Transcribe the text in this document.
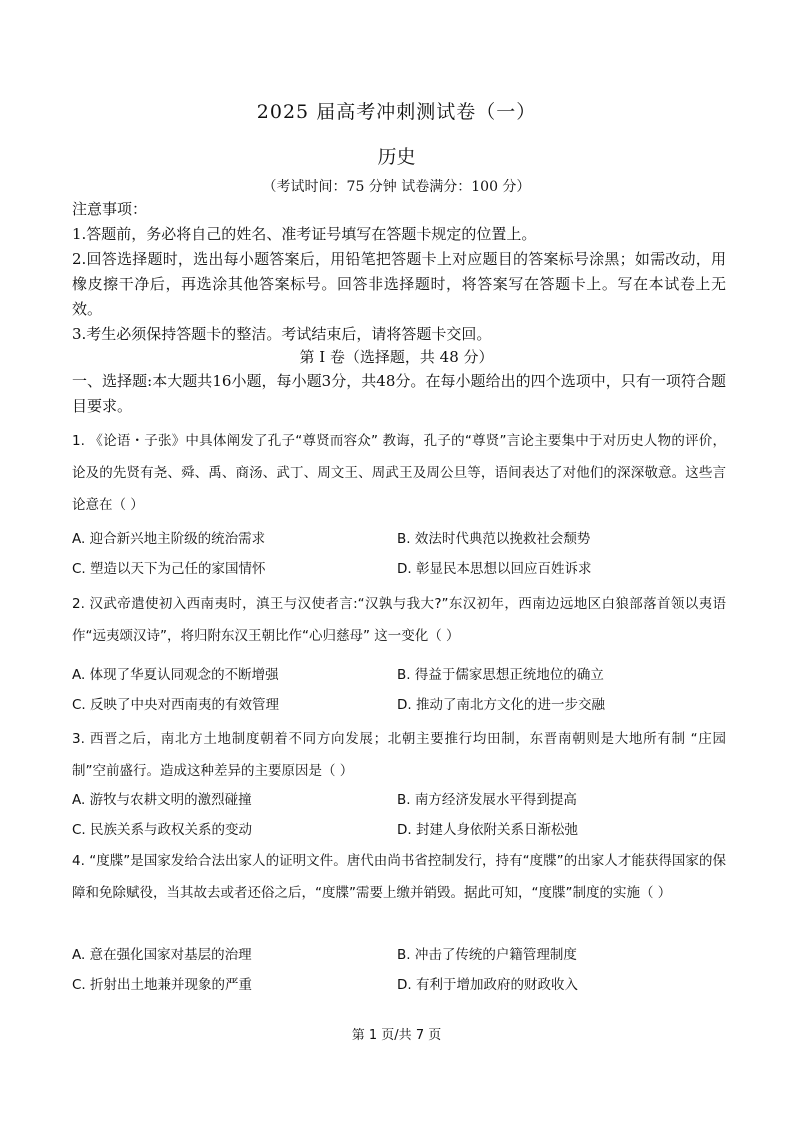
2025 届高考冲刺测试卷（一）
历史
（考试时间：75 分钟 试卷满分：100 分）
注意事项：
1.答题前，务必将自己的姓名、准考证号填写在答题卡规定的位置上。
2.回答选择题时，选出每小题答案后，用铅笔把答题卡上对应题目的答案标号涂黑；如需改动，用橡皮擦干净后，再选涂其他答案标号。回答非选择题时，将答案写在答题卡上。写在本试卷上无效。
3.考生必须保持答题卡的整洁。考试结束后，请将答题卡交回。
第 I 卷（选择题，共 48 分）
一、选择题:本大题共16小题，每小题3分，共48分。在每小题给出的四个选项中，只有一项符合题目要求。
1. 《论语・子张》中具体阐发了孔子“尊贤而容众” 教诲，孔子的“尊贤”言论主要集中于对历史人物的评价，论及的先贤有尧、舜、禹、商汤、武丁、周文王、周武王及周公旦等，语间表达了对他们的深深敬意。这些言论意在（ ）
A. 迎合新兴地主阶级的统治需求	B. 效法时代典范以挽救社会颓势
C. 塑造以天下为己任的家国情怀	D. 彰显民本思想以回应百姓诉求
2. 汉武帝遣使初入西南夷时，滇王与汉使者言:“汉孰与我大?”东汉初年，西南边远地区白狼部落首领以夷语作“远夷颂汉诗”，将归附东汉王朝比作“心归慈母” 这一变化（ ）
A. 体现了华夏认同观念的不断增强	B. 得益于儒家思想正统地位的确立
C. 反映了中央对西南夷的有效管理	D. 推动了南北方文化的进一步交融
3. 西晋之后，南北方土地制度朝着不同方向发展；北朝主要推行均田制，东晋南朝则是大地所有制 “庄园制”空前盛行。造成这种差异的主要原因是（ ）
A. 游牧与农耕文明的激烈碰撞	B. 南方经济发展水平得到提高
C. 民族关系与政权关系的变动	D. 封建人身依附关系日渐松弛
4. “度牒”是国家发给合法出家人的证明文件。唐代由尚书省控制发行，持有“度牒”的出家人才能获得国家的保障和免除赋役，当其故去或者还俗之后，“度牒”需要上缴并销毁。据此可知，“度牒”制度的实施（ ）
A. 意在强化国家对基层的治理	B. 冲击了传统的户籍管理制度
C. 折射出土地兼并现象的严重	D. 有利于增加政府的财政收入
第 1 页/共 7 页
